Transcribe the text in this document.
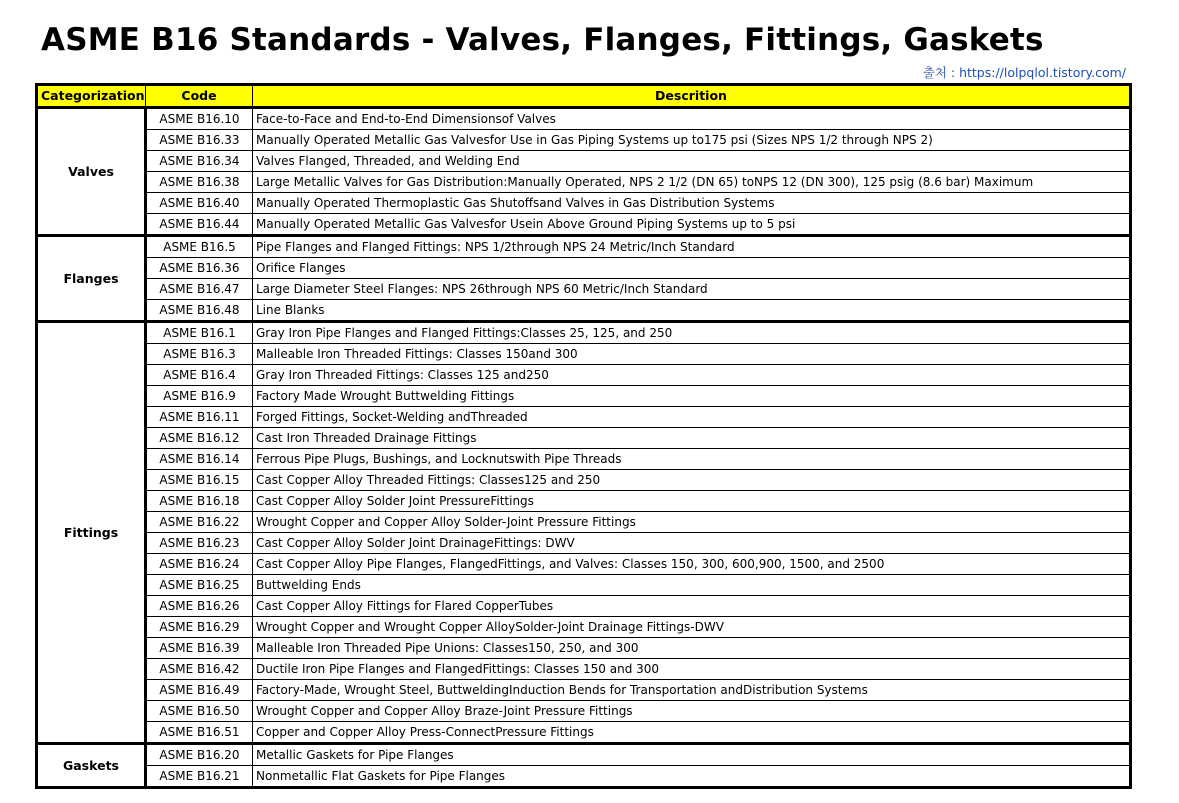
ASME B16 Standards - Valves, Flanges, Fittings, Gaskets
출처 : https://lolpqlol.tistory.com/
Categorization	Code	Descrition
Valves	ASME B16.10	Face-to-Face and End-to-End Dimensionsof Valves
	ASME B16.33	Manually Operated Metallic Gas Valvesfor Use in Gas Piping Systems up to175 psi (Sizes NPS 1/2 through NPS 2)
	ASME B16.34	Valves Flanged, Threaded, and Welding End
	ASME B16.38	Large Metallic Valves for Gas Distribution:Manually Operated, NPS 2 1/2 (DN 65) toNPS 12 (DN 300), 125 psig (8.6 bar) Maximum
	ASME B16.40	Manually Operated Thermoplastic Gas Shutoffsand Valves in Gas Distribution Systems
	ASME B16.44	Manually Operated Metallic Gas Valvesfor Usein Above Ground Piping Systems up to 5 psi
Flanges	ASME B16.5	Pipe Flanges and Flanged Fittings: NPS 1/2through NPS 24 Metric/Inch Standard
	ASME B16.36	Orifice Flanges
	ASME B16.47	Large Diameter Steel Flanges: NPS 26through NPS 60 Metric/Inch Standard
	ASME B16.48	Line Blanks
Fittings	ASME B16.1	Gray Iron Pipe Flanges and Flanged Fittings:Classes 25, 125, and 250
	ASME B16.3	Malleable Iron Threaded Fittings: Classes 150and 300
	ASME B16.4	Gray Iron Threaded Fittings: Classes 125 and250
	ASME B16.9	Factory Made Wrought Buttwelding Fittings
	ASME B16.11	Forged Fittings, Socket-Welding andThreaded
	ASME B16.12	Cast Iron Threaded Drainage Fittings
	ASME B16.14	Ferrous Pipe Plugs, Bushings, and Locknutswith Pipe Threads
	ASME B16.15	Cast Copper Alloy Threaded Fittings: Classes125 and 250
	ASME B16.18	Cast Copper Alloy Solder Joint PressureFittings
	ASME B16.22	Wrought Copper and Copper Alloy Solder-Joint Pressure Fittings
	ASME B16.23	Cast Copper Alloy Solder Joint DrainageFittings: DWV
	ASME B16.24	Cast Copper Alloy Pipe Flanges, FlangedFittings, and Valves: Classes 150, 300, 600,900, 1500, and 2500
	ASME B16.25	Buttwelding Ends
	ASME B16.26	Cast Copper Alloy Fittings for Flared CopperTubes
	ASME B16.29	Wrought Copper and Wrought Copper AlloySolder-Joint Drainage Fittings-DWV
	ASME B16.39	Malleable Iron Threaded Pipe Unions: Classes150, 250, and 300
	ASME B16.42	Ductile Iron Pipe Flanges and FlangedFittings: Classes 150 and 300
	ASME B16.49	Factory-Made, Wrought Steel, ButtweldingInduction Bends for Transportation andDistribution Systems
	ASME B16.50	Wrought Copper and Copper Alloy Braze-Joint Pressure Fittings
	ASME B16.51	Copper and Copper Alloy Press-ConnectPressure Fittings
Gaskets	ASME B16.20	Metallic Gaskets for Pipe Flanges
	ASME B16.21	Nonmetallic Flat Gaskets for Pipe Flanges
